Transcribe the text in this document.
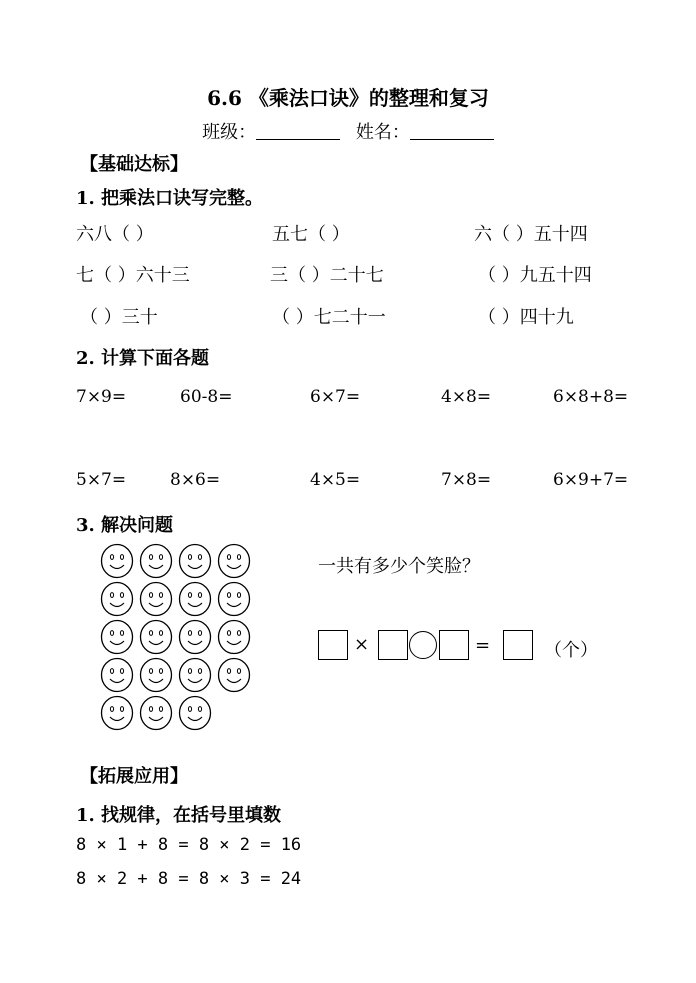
6.6 《乘法口诀》的整理和复习
班级：	姓名：
【基础达标】
1. 把乘法口诀写完整。
六八（ ）	五七（ ）	六（ ）五十四
七（ ）六十三	三（ ）二十七	（ ）九五十四
（ ）三十	（ ）七二十一	（ ）四十九
2. 计算下面各题
7×9=	60-8=	6×7=	4×8=	6×8+8=
5×7=	8×6=	4×5=	7×8=	6×9+7=
3. 解决问题
一共有多少个笑脸？
×	=	（个）
【拓展应用】
1. 找规律，在括号里填数
8 × 1 + 8 = 8 × 2 = 16
8 × 2 + 8 = 8 × 3 = 24
